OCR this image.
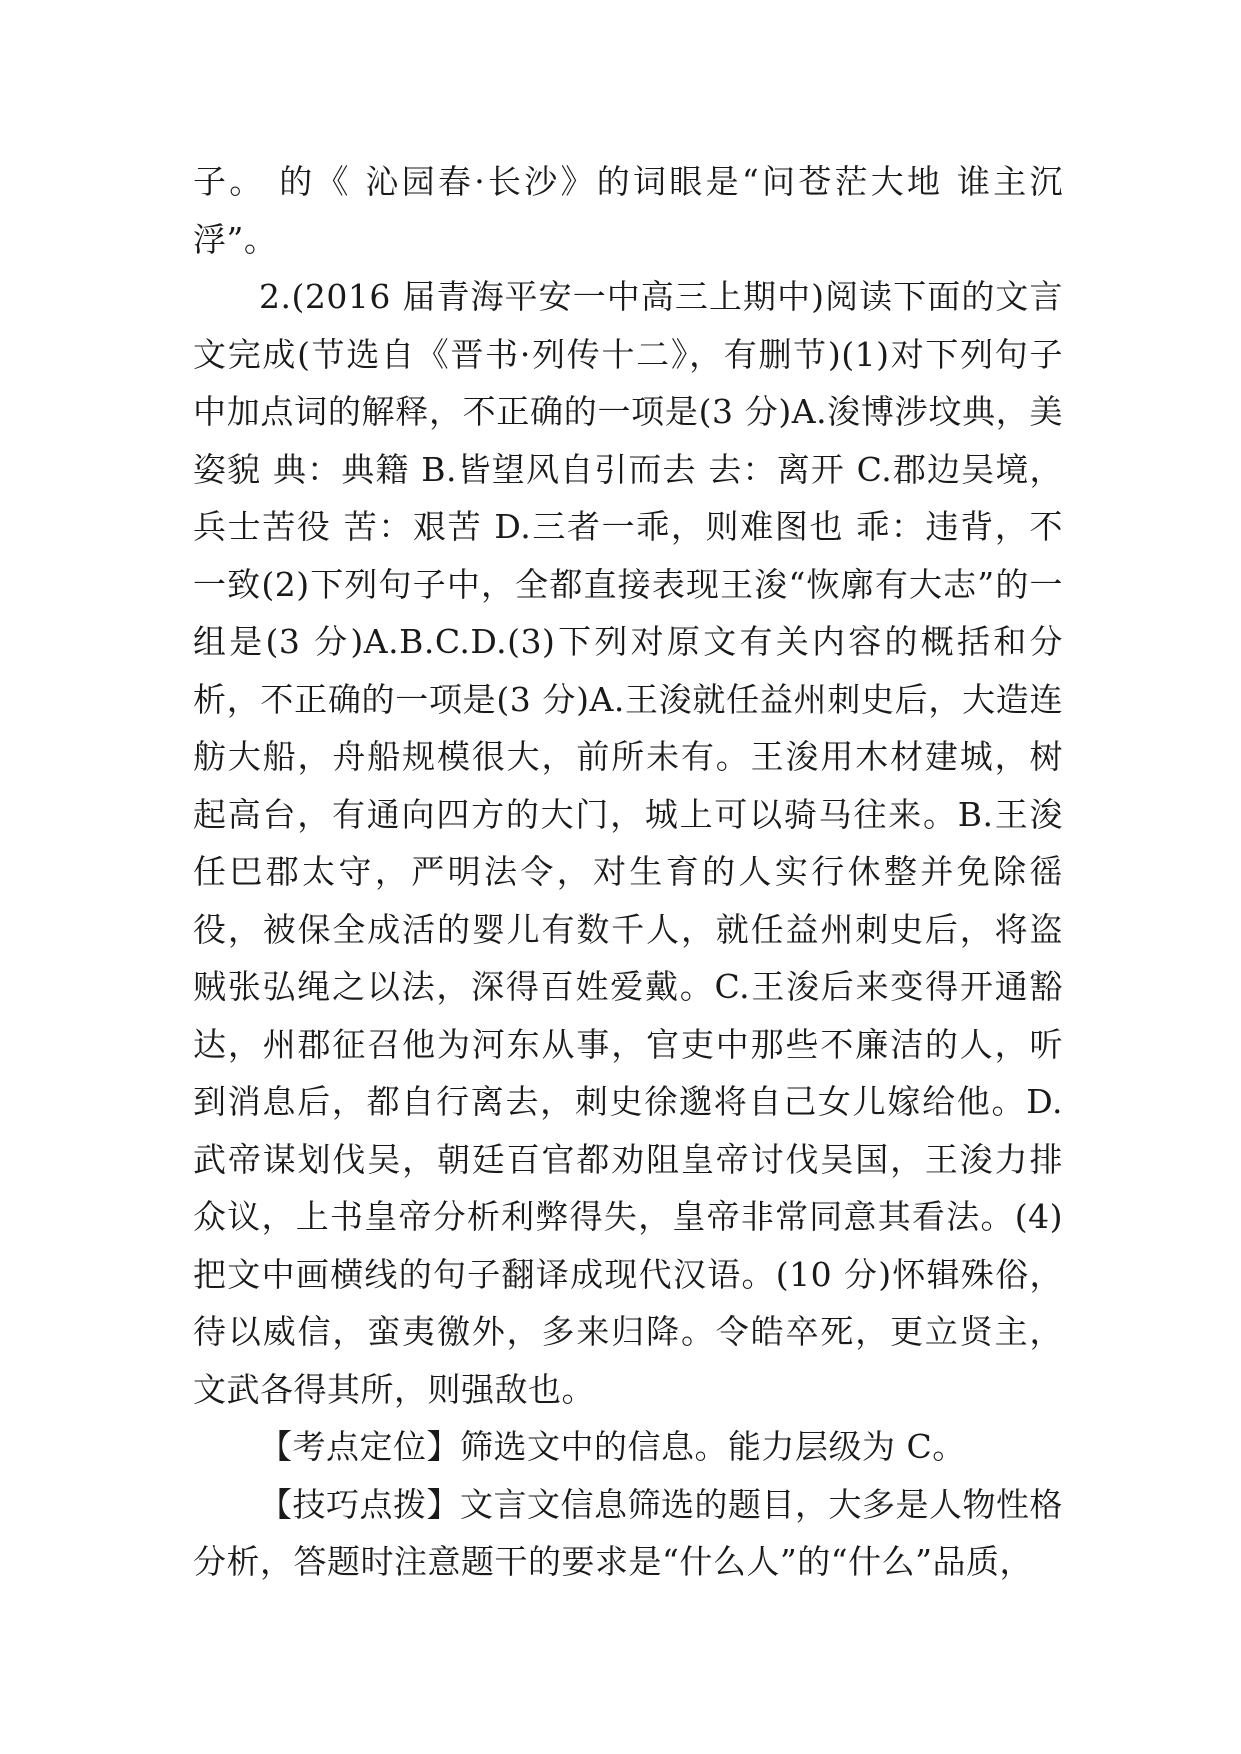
子。 的《 沁园春·长沙》的词眼是“问苍茫大地 谁主沉浮”。

2.(2016 届青海平安一中高三上期中)阅读下面的文言文完成(节选自《晋书·列传十二》，有删节)(1)对下列句子中加点词的解释，不正确的一项是(3 分)A.浚博涉坟典，美姿貌 典：典籍 B.皆望风自引而去 去：离开 C.郡边吴境，兵士苦役 苦：艰苦 D.三者一乖，则难图也 乖：违背，不一致(2)下列句子中，全都直接表现王浚“恢廓有大志”的一组是(3 分)A.B.C.D.(3)下列对原文有关内容的概括和分析，不正确的一项是(3 分)A.王浚就任益州刺史后，大造连舫大船，舟船规模很大，前所未有。王浚用木材建城，树起高台，有通向四方的大门，城上可以骑马往来。B.王浚任巴郡太守，严明法令，对生育的人实行休整并免除徭役，被保全成活的婴儿有数千人，就任益州刺史后，将盗贼张弘绳之以法，深得百姓爱戴。C.王浚后来变得开通豁达，州郡征召他为河东从事，官吏中那些不廉洁的人，听到消息后，都自行离去，刺史徐邈将自己女儿嫁给他。D.武帝谋划伐吴，朝廷百官都劝阻皇帝讨伐吴国，王浚力排众议，上书皇帝分析利弊得失，皇帝非常同意其看法。(4)把文中画横线的句子翻译成现代汉语。(10 分)怀辑殊俗，待以威信，蛮夷徼外，多来归降。令皓卒死，更立贤主，文武各得其所，则强敌也。

【考点定位】筛选文中的信息。能力层级为 C。

【技巧点拨】文言文信息筛选的题目，大多是人物性格分析，答题时注意题干的要求是“什么人”的“什么”品质，
